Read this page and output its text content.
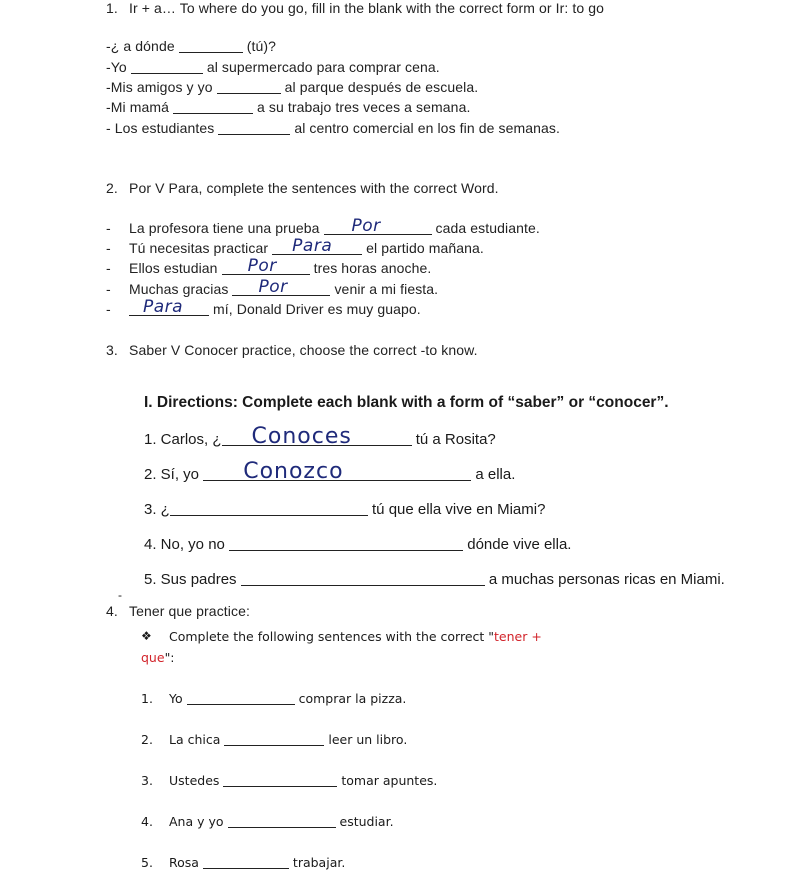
1. Ir + a… To where do you go, fill in the blank with the correct form or Ir: to go
-¿ a dónde	(tú)?
-Yo	al supermercado para comprar cena.
-Mis amigos y yo	al parque después de escuela.
-Mi mamá	a su trabajo tres veces a semana.
- Los estudiantes	al centro comercial en los fin de semanas.
2. Por V Para, complete the sentences with the correct Word.
- La profesora tiene una prueba Por	cada estudiante.
- Tú necesitas practicar Para el partido mañana.
- Ellos estudian Por	tres horas anoche.
- Muchas gracias Por	venir a mi fiesta.
- Para mí, Donald Driver es muy guapo.
3. Saber V Conocer practice, choose the correct -to know.
I. Directions: Complete each blank with a form of “saber” or “conocer”.
1. Carlos, ¿ Conoces	tú a Rosita?
2. Sí, yo Conozco	a ella.
3. ¿	tú que ella vive en Miami?
4. No, yo no	dónde vive ella.
5. Sus padres	a muchas personas ricas en Miami.
-
4. Tener que practice:
❖ Complete the following sentences with the correct "tener +
que":
1. Yo	comprar la pizza.
2. La chica	leer un libro.
3. Ustedes	tomar apuntes.
4. Ana y yo	estudiar.
5. Rosa	trabajar.
